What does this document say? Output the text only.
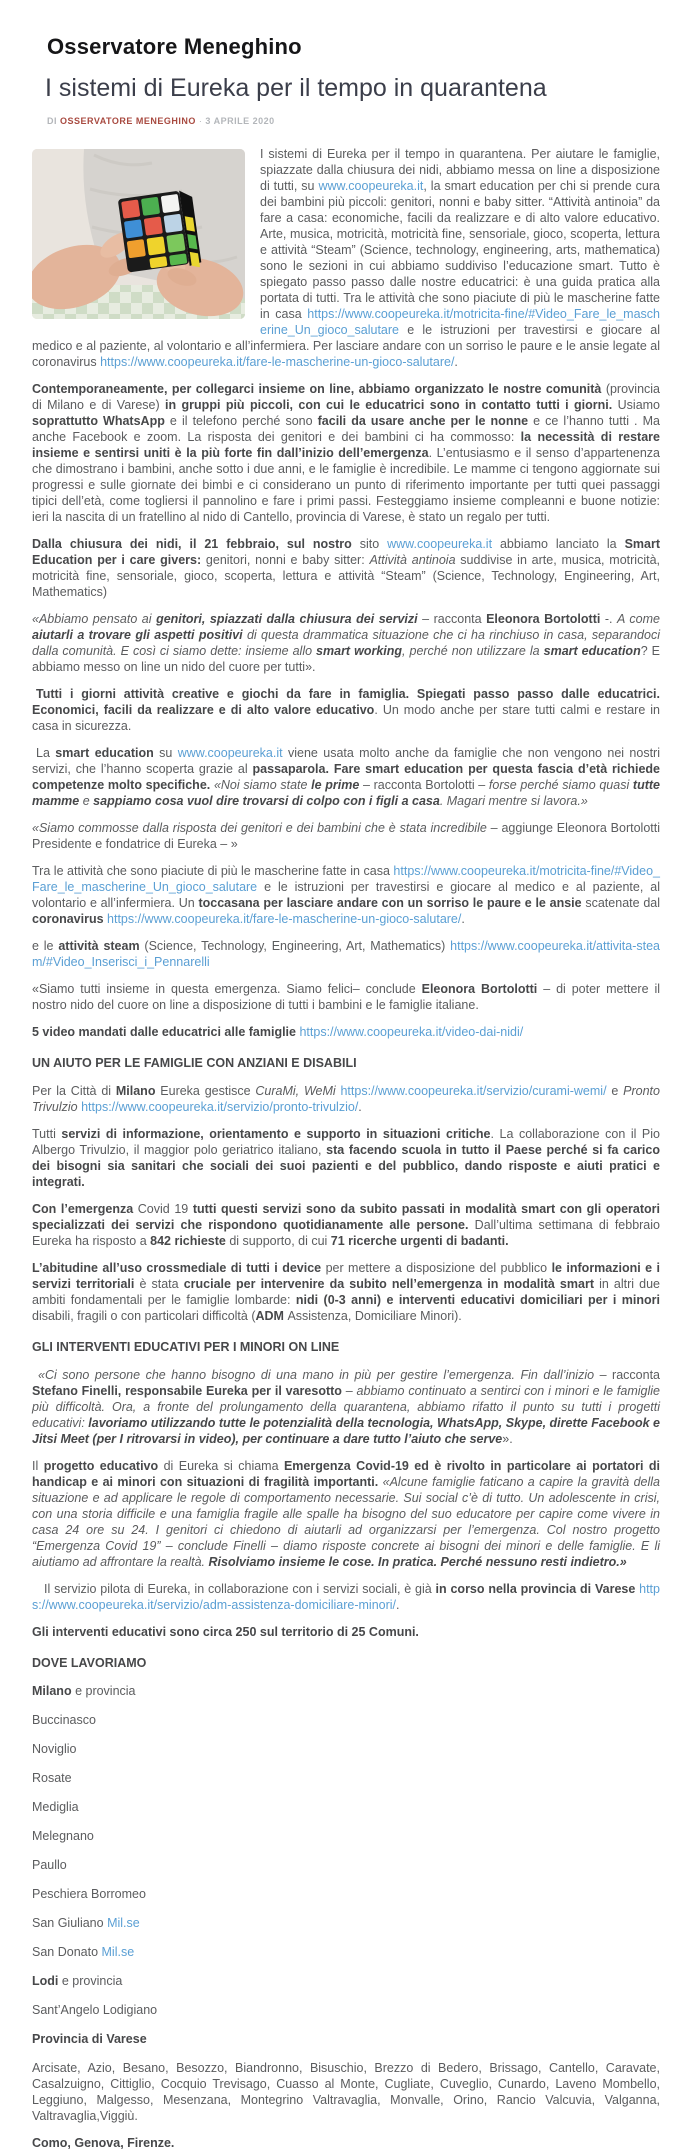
Osservatore Meneghino
I sistemi di Eureka per il tempo in quarantena
DI OSSERVATORE MENEGHINO · 3 APRILE 2020

I sistemi di Eureka per il tempo in quarantena. Per aiutare le famiglie, spiazzate dalla chiusura dei nidi, abbiamo messa on line a disposizione di tutti, su www.coopeureka.it, la smart education per chi si prende cura dei bambini più piccoli: genitori, nonni e baby sitter. “Attività antinoia” da fare a casa: economiche, facili da realizzare e di alto valore educativo. Arte, musica, motricità, motricità fine, sensoriale, gioco, scoperta, lettura e attività “Steam” (Science, technology, engineering, arts, mathematica) sono le sezioni in cui abbiamo suddiviso l’educazione smart. Tutto è spiegato passo passo dalle nostre educatrici: è una guida pratica alla portata di tutti. Tra le attività che sono piaciute di più le mascherine fatte in casa https://www.coopeureka.it/motricita-fine/#Video_Fare_le_mascherine_Un_gioco_salutare e le istruzioni per travestirsi e giocare al medico e al paziente, al volontario e all’infermiera. Per lasciare andare con un sorriso le paure e le ansie legate al coronavirus https://www.coopeureka.it/fare-le-mascherine-un-gioco-salutare/.

Contemporaneamente, per collegarci insieme on line, abbiamo organizzato le nostre comunità (provincia di Milano e di Varese) in gruppi più piccoli, con cui le educatrici sono in contatto tutti i giorni. Usiamo soprattutto WhatsApp e il telefono perché sono facili da usare anche per le nonne e ce l’hanno tutti . Ma anche Facebook e zoom. La risposta dei genitori e dei bambini ci ha commosso: la necessità di restare insieme e sentirsi uniti è la più forte fin dall’inizio dell’emergenza. L’entusiasmo e il senso d’appartenenza che dimostrano i bambini, anche sotto i due anni, e le famiglie è incredibile. Le mamme ci tengono aggiornate sui progressi e sulle giornate dei bimbi e ci considerano un punto di riferimento importante per tutti quei passaggi tipici dell’età, come togliersi il pannolino e fare i primi passi. Festeggiamo insieme compleanni e buone notizie: ieri la nascita di un fratellino al nido di Cantello, provincia di Varese, è stato un regalo per tutti.

Dalla chiusura dei nidi, il 21 febbraio, sul nostro sito www.coopeureka.it abbiamo lanciato la Smart Education per i care givers: genitori, nonni e baby sitter: Attività antinoia suddivise in arte, musica, motricità, motricità fine, sensoriale, gioco, scoperta, lettura e attività “Steam” (Science, Technology, Engineering, Art, Mathematics)

«Abbiamo pensato ai genitori, spiazzati dalla chiusura dei servizi – racconta Eleonora Bortolotti -. A come aiutarli a trovare gli aspetti positivi di questa drammatica situazione che ci ha rinchiuso in casa, separandoci dalla comunità. E così ci siamo dette: insieme allo smart working, perché non utilizzare la smart education? E abbiamo messo on line un nido del cuore per tutti».

Tutti i giorni attività creative e giochi da fare in famiglia. Spiegati passo passo dalle educatrici. Economici, facili da realizzare e di alto valore educativo. Un modo anche per stare tutti calmi e restare in casa in sicurezza.

La smart education su www.coopeureka.it viene usata molto anche da famiglie che non vengono nei nostri servizi, che l’hanno scoperta grazie al passaparola. Fare smart education per questa fascia d’età richiede competenze molto specifiche. «Noi siamo state le prime – racconta Bortolotti – forse perché siamo quasi tutte mamme e sappiamo cosa vuol dire trovarsi di colpo con i figli a casa. Magari mentre si lavora.»

«Siamo commosse dalla risposta dei genitori e dei bambini che è stata incredibile – aggiunge Eleonora Bortolotti Presidente e fondatrice di Eureka – »

Tra le attività che sono piaciute di più le mascherine fatte in casa https://www.coopeureka.it/motricita-fine/#Video_Fare_le_mascherine_Un_gioco_salutare e le istruzioni per travestirsi e giocare al medico e al paziente, al volontario e all’infermiera. Un toccasana per lasciare andare con un sorriso le paure e le ansie scatenate dal coronavirus https://www.coopeureka.it/fare-le-mascherine-un-gioco-salutare/.

e le attività steam (Science, Technology, Engineering, Art, Mathematics) https://www.coopeureka.it/attivita-steam/#Video_Inserisci_i_Pennarelli

«Siamo tutti insieme in questa emergenza. Siamo felici– conclude Eleonora Bortolotti – di poter mettere il nostro nido del cuore on line a disposizione di tutti i bambini e le famiglie italiane.

5 video mandati dalle educatrici alle famiglie https://www.coopeureka.it/video-dai-nidi/

UN AIUTO PER LE FAMIGLIE CON ANZIANI E DISABILI

Per la Città di Milano Eureka gestisce CuraMi, WeMi https://www.coopeureka.it/servizio/curami-wemi/ e Pronto Trivulzio https://www.coopeureka.it/servizio/pronto-trivulzio/.

Tutti servizi di informazione, orientamento e supporto in situazioni critiche. La collaborazione con il Pio Albergo Trivulzio, il maggior polo geriatrico italiano, sta facendo scuola in tutto il Paese perché si fa carico dei bisogni sia sanitari che sociali dei suoi pazienti e del pubblico, dando risposte e aiuti pratici e integrati.

Con l’emergenza Covid 19 tutti questi servizi sono da subito passati in modalità smart con gli operatori specializzati dei servizi che rispondono quotidianamente alle persone. Dall’ultima settimana di febbraio Eureka ha risposto a 842 richieste di supporto, di cui 71 ricerche urgenti di badanti.

L’abitudine all’uso crossmediale di tutti i device per mettere a disposizione del pubblico le informazioni e i servizi territoriali è stata cruciale per intervenire da subito nell’emergenza in modalità smart in altri due ambiti fondamentali per le famiglie lombarde: nidi (0-3 anni) e interventi educativi domiciliari per i minori disabili, fragili o con particolari difficoltà (ADM Assistenza, Domiciliare Minori).

GLI INTERVENTI EDUCATIVI PER I MINORI ON LINE

«Ci sono persone che hanno bisogno di una mano in più per gestire l’emergenza. Fin dall’inizio – racconta Stefano Finelli, responsabile Eureka per il varesotto – abbiamo continuato a sentirci con i minori e le famiglie più difficoltà. Ora, a fronte del prolungamento della quarantena, abbiamo rifatto il punto su tutti i progetti educativi: lavoriamo utilizzando tutte le potenzialità della tecnologia, WhatsApp, Skype, dirette Facebook e Jitsi Meet (per I ritrovarsi in video), per continuare a dare tutto l’aiuto che serve».

Il progetto educativo di Eureka si chiama Emergenza Covid-19 ed è rivolto in particolare ai portatori di handicap e ai minori con situazioni di fragilità importanti. «Alcune famiglie faticano a capire la gravità della situazione e ad applicare le regole di comportamento necessarie. Sui social c’è di tutto. Un adolescente in crisi, con una storia difficile e una famiglia fragile alle spalle ha bisogno del suo educatore per capire come vivere in casa 24 ore su 24. I genitori ci chiedono di aiutarli ad organizzarsi per l’emergenza. Col nostro progetto “Emergenza Covid 19” – conclude Finelli – diamo risposte concrete ai bisogni dei minori e delle famiglie. E li aiutiamo ad affrontare la realtà. Risolviamo insieme le cose. In pratica. Perché nessuno resti indietro.»

Il servizio pilota di Eureka, in collaborazione con i servizi sociali, è già in corso nella provincia di Varese https://www.coopeureka.it/servizio/adm-assistenza-domiciliare-minori/.

Gli interventi educativi sono circa 250 sul territorio di 25 Comuni.

DOVE LAVORIAMO

Milano e provincia

Buccinasco

Noviglio

Rosate

Mediglia

Melegnano

Paullo

Peschiera Borromeo

San Giuliano Mil.se

San Donato Mil.se

Lodi e provincia

Sant’Angelo Lodigiano

Provincia di Varese

Arcisate, Azio, Besano, Besozzo, Biandronno, Bisuschio, Brezzo di Bedero, Brissago, Cantello, Caravate, Casalzuigno, Cittiglio, Cocquio Trevisago, Cuasso al Monte, Cugliate, Cuveglio, Cunardo, Laveno Mombello, Leggiuno, Malgesso, Mesenzana, Montegrino Valtravaglia, Monvalle, Orino, Rancio Valcuvia, Valganna, Valtravaglia,Viggiù.

Como, Genova, Firenze.
